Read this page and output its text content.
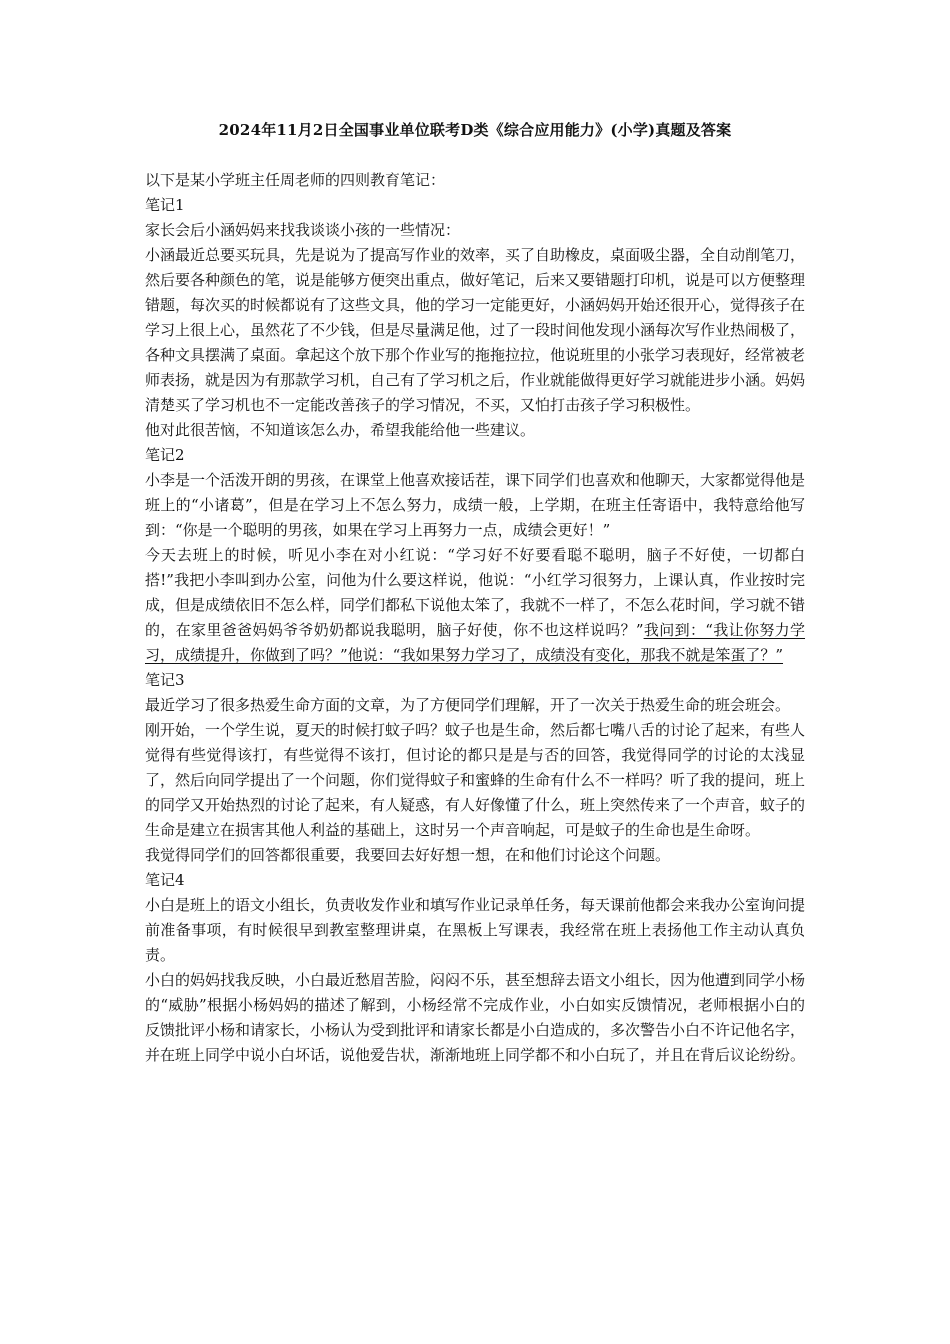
2024年11月2日全国事业单位联考D类《综合应用能力》(小学)真题及答案

以下是某小学班主任周老师的四则教育笔记：

笔记1

家长会后小涵妈妈来找我谈谈小孩的一些情况：

小涵最近总要买玩具，先是说为了提高写作业的效率，买了自助橡皮，桌面吸尘器，全自动削笔刀，然后要各种颜色的笔，说是能够方便突出重点，做好笔记，后来又要错题打印机，说是可以方便整理错题，每次买的时候都说有了这些文具，他的学习一定能更好，小涵妈妈开始还很开心，觉得孩子在学习上很上心，虽然花了不少钱，但是尽量满足他，过了一段时间他发现小涵每次写作业热闹极了，各种文具摆满了桌面。拿起这个放下那个作业写的拖拖拉拉，他说班里的小张学习表现好，经常被老师表扬，就是因为有那款学习机，自己有了学习机之后，作业就能做得更好学习就能进步小涵。妈妈清楚买了学习机也不一定能改善孩子的学习情况，不买，又怕打击孩子学习积极性。

他对此很苦恼，不知道该怎么办，希望我能给他一些建议。

笔记2

小李是一个活泼开朗的男孩，在课堂上他喜欢接话茬，课下同学们也喜欢和他聊天，大家都觉得他是班上的“小诸葛”，但是在学习上不怎么努力，成绩一般，上学期，在班主任寄语中，我特意给他写到：“你是一个聪明的男孩，如果在学习上再努力一点，成绩会更好！”

今天去班上的时候，听见小李在对小红说：“学习好不好要看聪不聪明，脑子不好使，一切都白搭!”我把小李叫到办公室，问他为什么要这样说，他说：“小红学习很努力，上课认真，作业按时完成，但是成绩依旧不怎么样，同学们都私下说他太笨了，我就不一样了，不怎么花时间，学习就不错的，在家里爸爸妈妈爷爷奶奶都说我聪明，脑子好使，你不也这样说吗？”我问到：“我让你努力学习，成绩提升，你做到了吗？”他说：“我如果努力学习了，成绩没有变化，那我不就是笨蛋了？”

笔记3

最近学习了很多热爱生命方面的文章，为了方便同学们理解，开了一次关于热爱生命的班会班会。

刚开始，一个学生说，夏天的时候打蚊子吗？蚊子也是生命，然后都七嘴八舌的讨论了起来，有些人觉得有些觉得该打，有些觉得不该打，但讨论的都只是是与否的回答，我觉得同学的讨论的太浅显了，然后向同学提出了一个问题，你们觉得蚊子和蜜蜂的生命有什么不一样吗？听了我的提问，班上的同学又开始热烈的讨论了起来，有人疑惑，有人好像懂了什么，班上突然传来了一个声音，蚊子的生命是建立在损害其他人利益的基础上，这时另一个声音响起，可是蚊子的生命也是生命呀。

我觉得同学们的回答都很重要，我要回去好好想一想，在和他们讨论这个问题。

笔记4

小白是班上的语文小组长，负责收发作业和填写作业记录单任务，每天课前他都会来我办公室询问提前准备事项，有时候很早到教室整理讲桌，在黑板上写课表，我经常在班上表扬他工作主动认真负责。

小白的妈妈找我反映，小白最近愁眉苦脸，闷闷不乐，甚至想辞去语文小组长，因为他遭到同学小杨的“威胁”根据小杨妈妈的描述了解到，小杨经常不完成作业，小白如实反馈情况，老师根据小白的反馈批评小杨和请家长，小杨认为受到批评和请家长都是小白造成的，多次警告小白不许记他名字，并在班上同学中说小白坏话，说他爱告状，渐渐地班上同学都不和小白玩了，并且在背后议论纷纷。
